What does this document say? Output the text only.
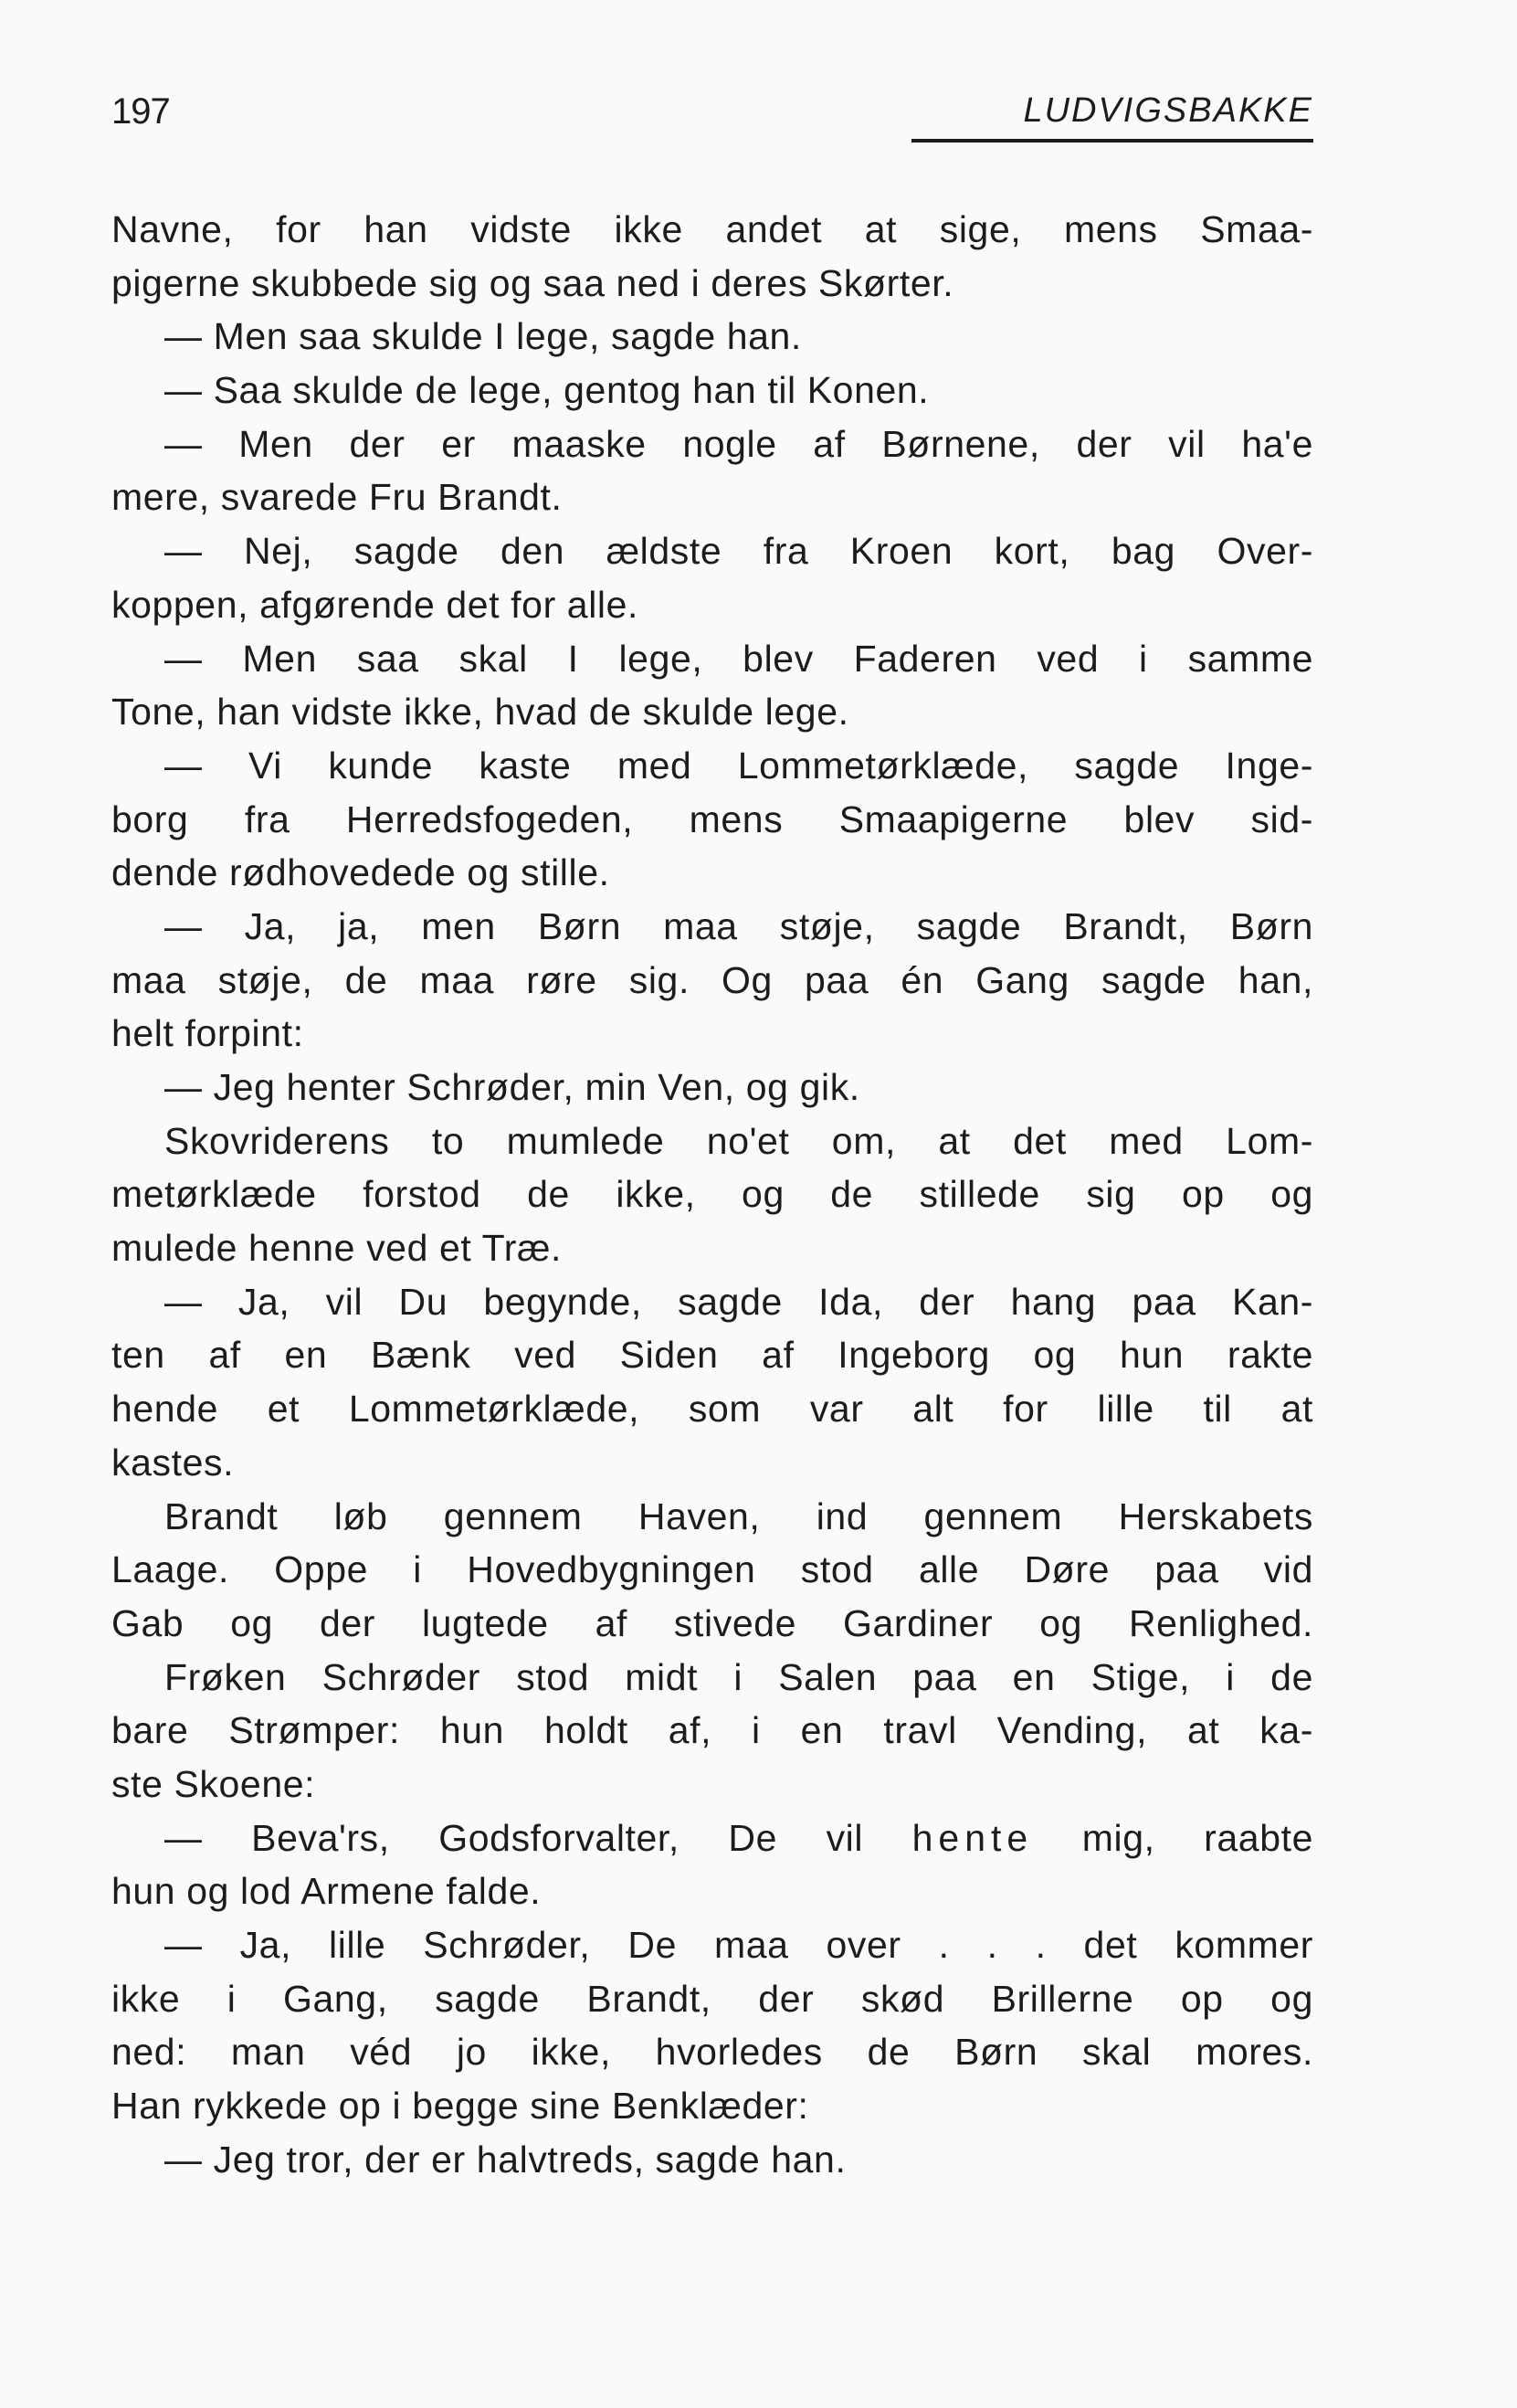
197	LUDVIGSBAKKE
Navne, for han vidste ikke andet at sige, mens Smaa-
pigerne skubbede sig og saa ned i deres Skørter.
— Men saa skulde I lege, sagde han.
— Saa skulde de lege, gentog han til Konen.
— Men der er maaske nogle af Børnene, der vil ha'e
mere, svarede Fru Brandt.
— Nej, sagde den ældste fra Kroen kort, bag Over-
koppen, afgørende det for alle.
— Men saa skal I lege, blev Faderen ved i samme
Tone, han vidste ikke, hvad de skulde lege.
— Vi kunde kaste med Lommetørklæde, sagde Inge-
borg fra Herredsfogeden, mens Smaapigerne blev sid-
dende rødhovedede og stille.
— Ja, ja, men Børn maa støje, sagde Brandt, Børn
maa støje, de maa røre sig. Og paa én Gang sagde han,
helt forpint:
— Jeg henter Schrøder, min Ven, og gik.
Skovriderens to mumlede no'et om, at det med Lom-
metørklæde forstod de ikke, og de stillede sig op og
mulede henne ved et Træ.
— Ja, vil Du begynde, sagde Ida, der hang paa Kan-
ten af en Bænk ved Siden af Ingeborg og hun rakte
hende et Lommetørklæde, som var alt for lille til at
kastes.
Brandt løb gennem Haven, ind gennem Herskabets
Laage. Oppe i Hovedbygningen stod alle Døre paa vid
Gab og der lugtede af stivede Gardiner og Renlighed.
Frøken Schrøder stod midt i Salen paa en Stige, i de
bare Strømper: hun holdt af, i en travl Vending, at ka-
ste Skoene:
— Beva'rs, Godsforvalter, De vil hente mig, raabte
hun og lod Armene falde.
— Ja, lille Schrøder, De maa over . . . det kommer
ikke i Gang, sagde Brandt, der skød Brillerne op og
ned: man véd jo ikke, hvorledes de Børn skal mores.
Han rykkede op i begge sine Benklæder:
— Jeg tror, der er halvtreds, sagde han.
